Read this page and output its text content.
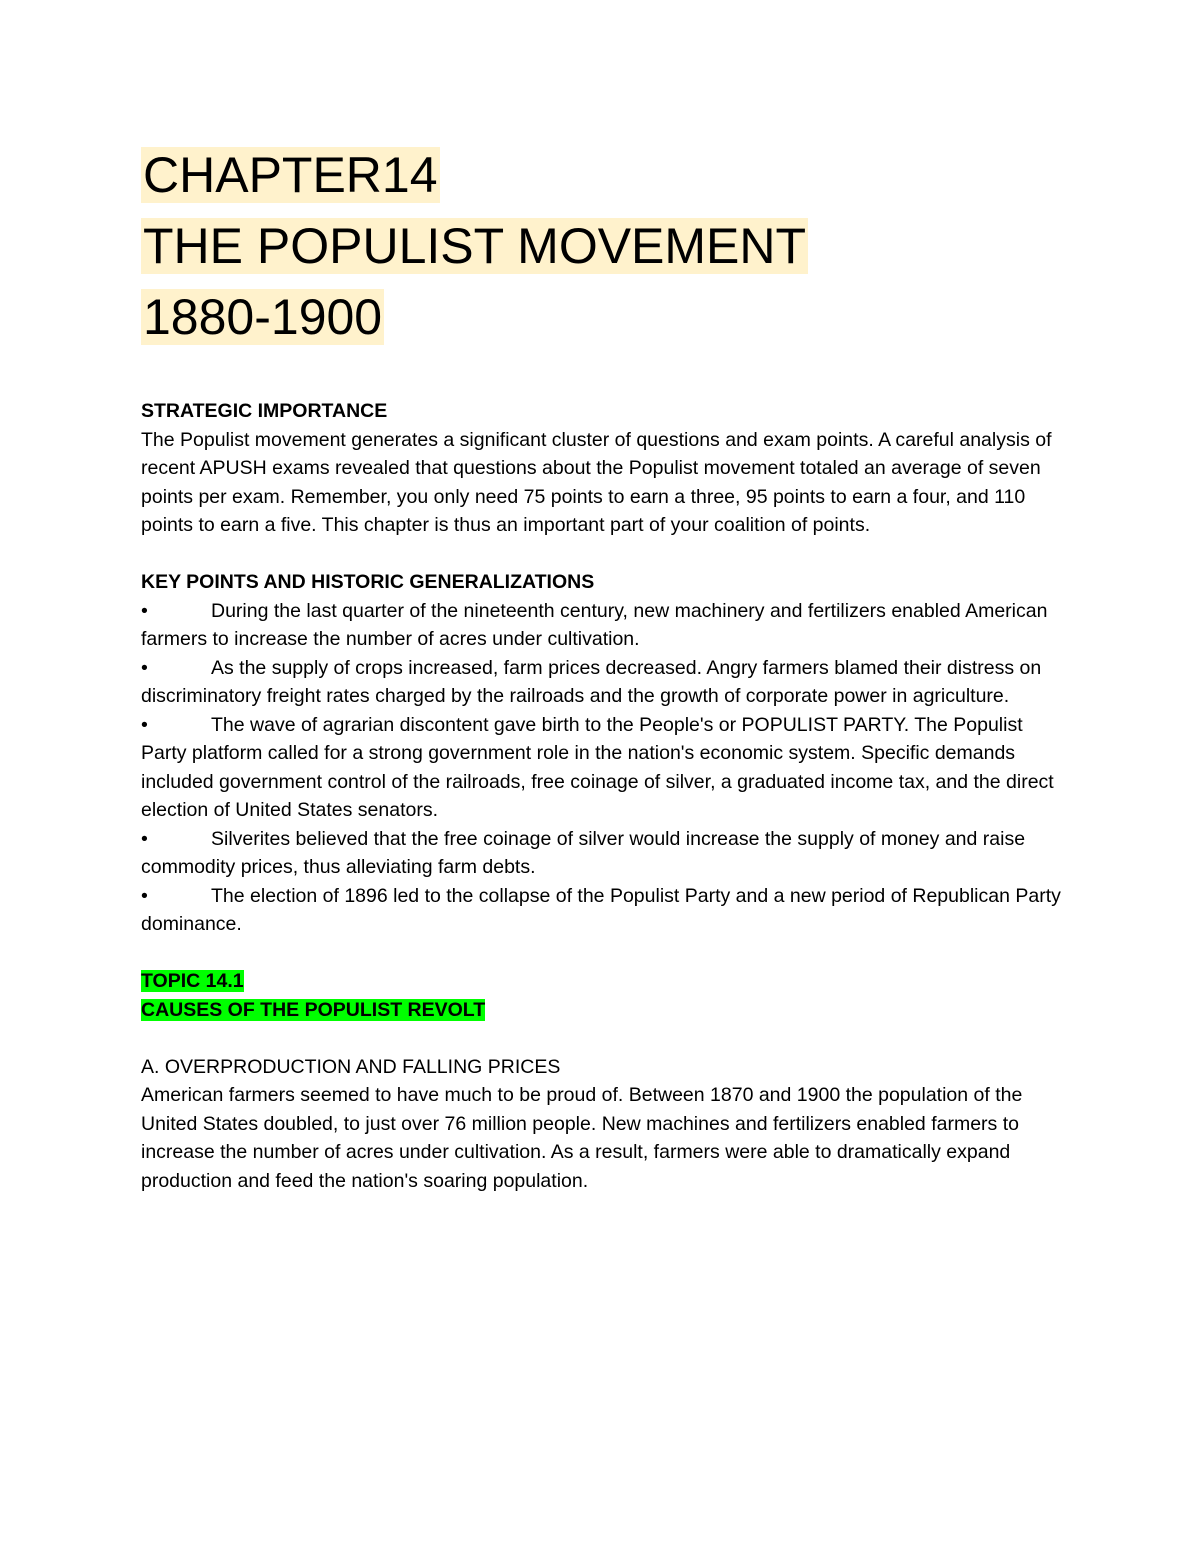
CHAPTER14
THE POPULIST MOVEMENT
1880-1900

STRATEGIC IMPORTANCE

The Populist movement generates a significant cluster of questions and exam points. A careful analysis of recent APUSH exams revealed that questions about the Populist movement totaled an average of seven points per exam. Remember, you only need 75 points to earn a three, 95 points to earn a four, and 110 points to earn a five. This chapter is thus an important part of your coalition of points.

KEY POINTS AND HISTORIC GENERALIZATIONS

•	During the last quarter of the nineteenth century, new machinery and fertilizers enabled American farmers to increase the number of acres under cultivation.

•	As the supply of crops increased, farm prices decreased. Angry farmers blamed their distress on discriminatory freight rates charged by the railroads and the growth of corporate power in agriculture.

•	The wave of agrarian discontent gave birth to the People's or POPULIST PARTY. The Populist Party platform called for a strong government role in the nation's economic system. Specific demands included government control of the railroads, free coinage of silver, a graduated income tax, and the direct election of United States senators.

•	Silverites believed that the free coinage of silver would increase the supply of money and raise commodity prices, thus alleviating farm debts.

•	The election of 1896 led to the collapse of the Populist Party and a new period of Republican Party dominance.

TOPIC 14.1

CAUSES OF THE POPULIST REVOLT

A. OVERPRODUCTION AND FALLING PRICES

American farmers seemed to have much to be proud of. Between 1870 and 1900 the population of the United States doubled, to just over 76 million people. New machines and fertilizers enabled farmers to increase the number of acres under cultivation. As a result, farmers were able to dramatically expand production and feed the nation's soaring population.
